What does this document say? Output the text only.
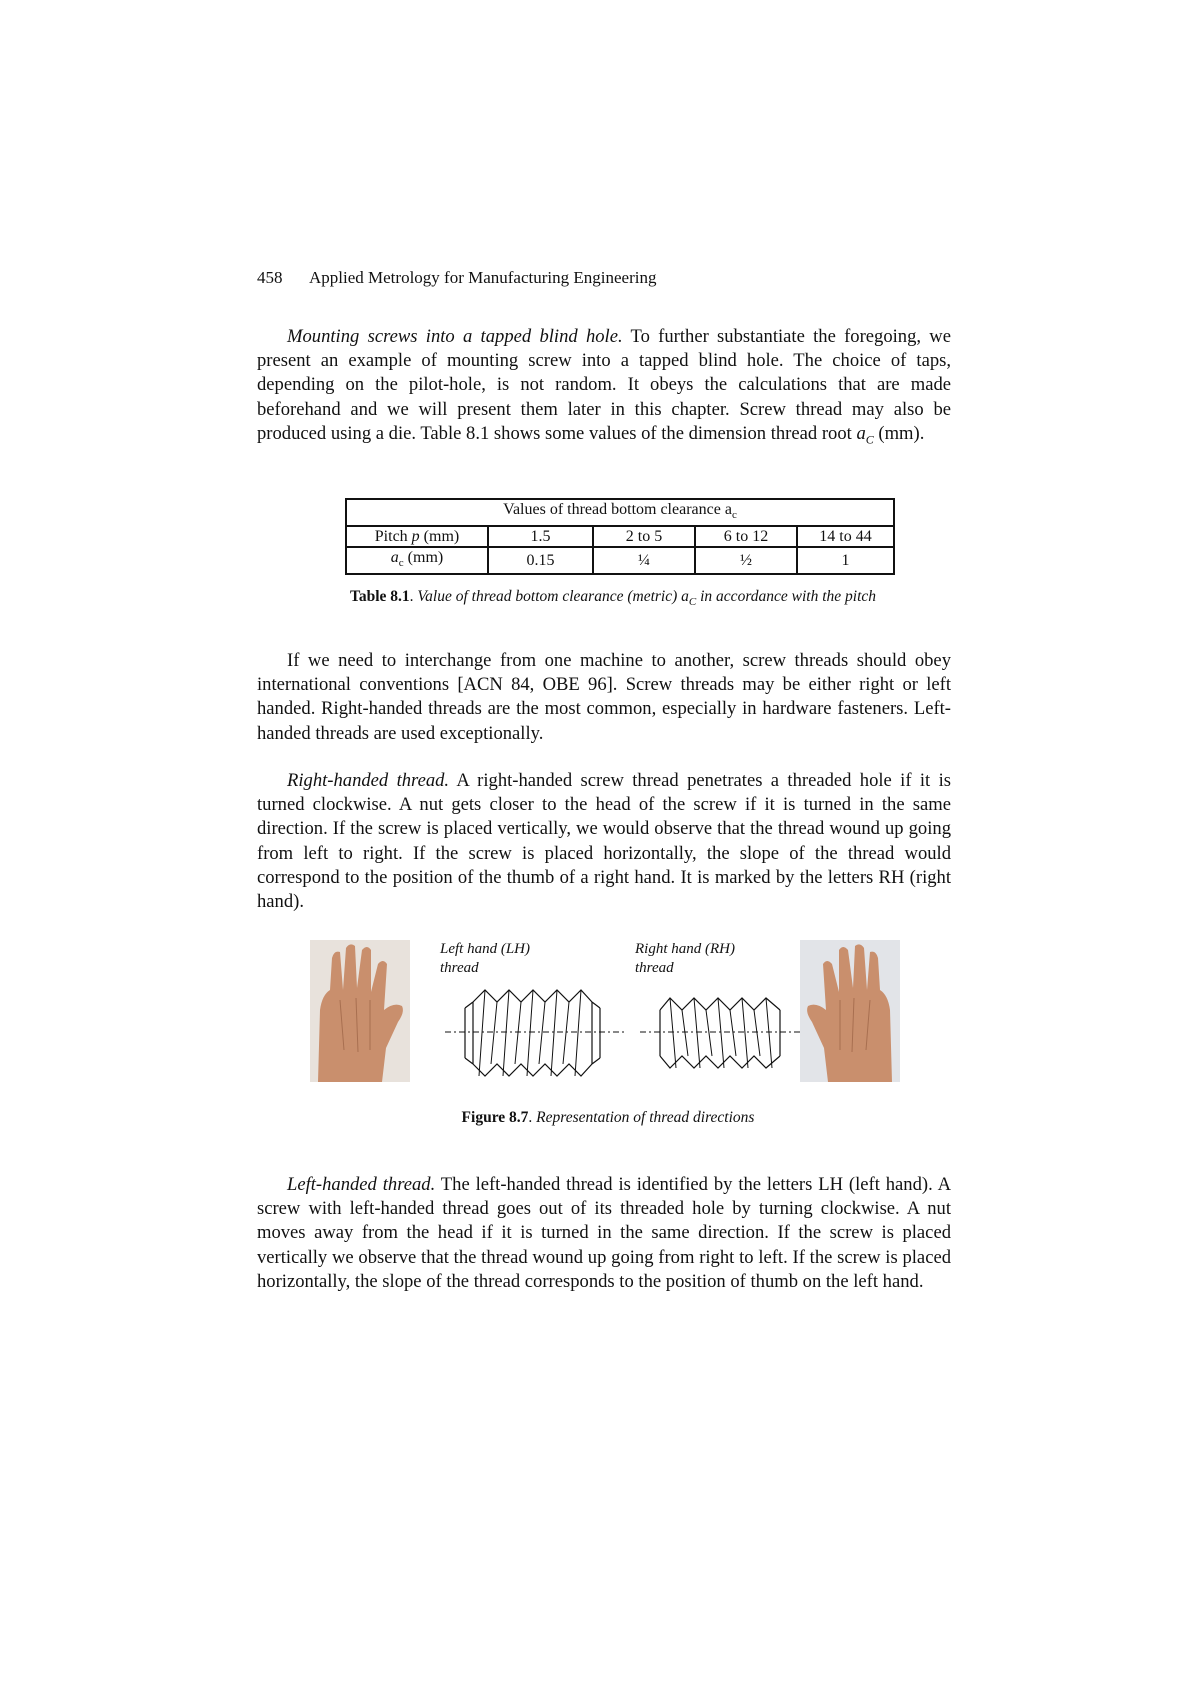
458 Applied Metrology for Manufacturing Engineering
Mounting screws into a tapped blind hole. To further substantiate the foregoing, we present an example of mounting screw into a tapped blind hole. The choice of taps, depending on the pilot-hole, is not random. It obeys the calculations that are made beforehand and we will present them later in this chapter. Screw thread may also be produced using a die. Table 8.1 shows some values of the dimension thread root $a_C$ (mm).
Values of thread bottom clearance $a_c$
Pitch p (mm)	1.5	2 to 5	6 to 12	14 to 44
$a_c$ (mm)	0.15	¼	½	1
Table 8.1. Value of thread bottom clearance (metric) $a_C$ in accordance with the pitch
If we need to interchange from one machine to another, screw threads should obey international conventions [ACN 84, OBE 96]. Screw threads may be either right or left handed. Right-handed threads are the most common, especially in hardware fasteners. Left-handed threads are used exceptionally.
Right-handed thread. A right-handed screw thread penetrates a threaded hole if it is turned clockwise. A nut gets closer to the head of the screw if it is turned in the same direction. If the screw is placed vertically, we would observe that the thread wound up going from left to right. If the screw is placed horizontally, the slope of the thread would correspond to the position of the thumb of a right hand. It is marked by the letters RH (right hand).
Left hand (LH)
thread
Right hand (RH)
thread
Figure 8.7. Representation of thread directions
Left-handed thread. The left-handed thread is identified by the letters LH (left hand). A screw with left-handed thread goes out of its threaded hole by turning clockwise. A nut moves away from the head if it is turned in the same direction. If the screw is placed vertically we observe that the thread wound up going from right to left. If the screw is placed horizontally, the slope of the thread corresponds to the position of thumb on the left hand.
